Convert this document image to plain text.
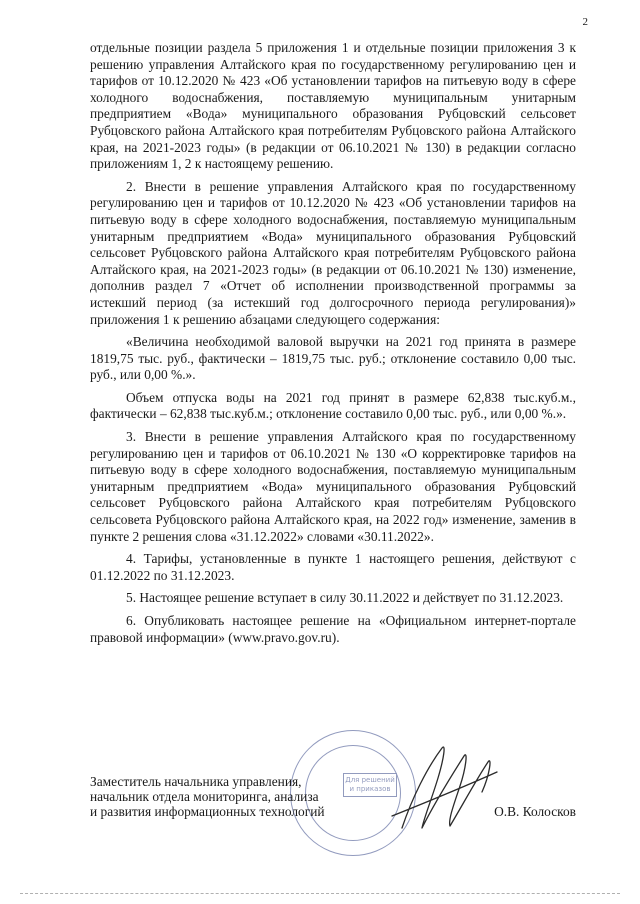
2

отдельные позиции раздела 5 приложения 1 и отдельные позиции приложения 3 к решению управления Алтайского края по государственному регулированию цен и тарифов от 10.12.2020 № 423 «Об установлении тарифов на питьевую воду в сфере холодного водоснабжения, поставляемую муниципальным унитарным предприятием «Вода» муниципального образования Рубцовский сельсовет Рубцовского района Алтайского края потребителям Рубцовского района Алтайского края, на 2021-2023 годы» (в редакции от 06.10.2021 № 130) в редакции согласно приложениям 1, 2 к настоящему решению.

2. Внести в решение управления Алтайского края по государственному регулированию цен и тарифов от 10.12.2020 № 423 «Об установлении тарифов на питьевую воду в сфере холодного водоснабжения, поставляемую муниципальным унитарным предприятием «Вода» муниципального образования Рубцовский сельсовет Рубцовского района Алтайского края потребителям Рубцовского района Алтайского края, на 2021-2023 годы» (в редакции от 06.10.2021 № 130) изменение, дополнив раздел 7 «Отчет об исполнении производственной программы за истекший период (за истекший год долгосрочного периода регулирования)» приложения 1 к решению абзацами следующего содержания:

«Величина необходимой валовой выручки на 2021 год принята в размере 1819,75 тыс. руб., фактически – 1819,75 тыс. руб.; отклонение составило 0,00 тыс. руб., или 0,00 %.».

Объем отпуска воды на 2021 год принят в размере 62,838 тыс.куб.м., фактически – 62,838 тыс.куб.м.; отклонение составило 0,00 тыс. руб., или 0,00 %.».

3. Внести в решение управления Алтайского края по государственному регулированию цен и тарифов от 06.10.2021 № 130 «О корректировке тарифов на питьевую воду в сфере холодного водоснабжения, поставляемую муниципальным унитарным предприятием «Вода» муниципального образования Рубцовский сельсовет Рубцовского района Алтайского края потребителям Рубцовского сельсовета Рубцовского района Алтайского края, на 2022 год» изменение, заменив в пункте 2 решения слова «31.12.2022» словами «30.11.2022».

4. Тарифы, установленные в пункте 1 настоящего решения, действуют с 01.12.2022 по 31.12.2023.

5. Настоящее решение вступает в силу 30.11.2022 и действует по 31.12.2023.

6. Опубликовать настоящее решение на «Официальном интернет-портале правовой информации» (www.pravo.gov.ru).

Для решений
и приказов
Заместитель начальника управления,
начальник отдела мониторинга, анализа
и развития информационных технологий	О.В. Колосков
